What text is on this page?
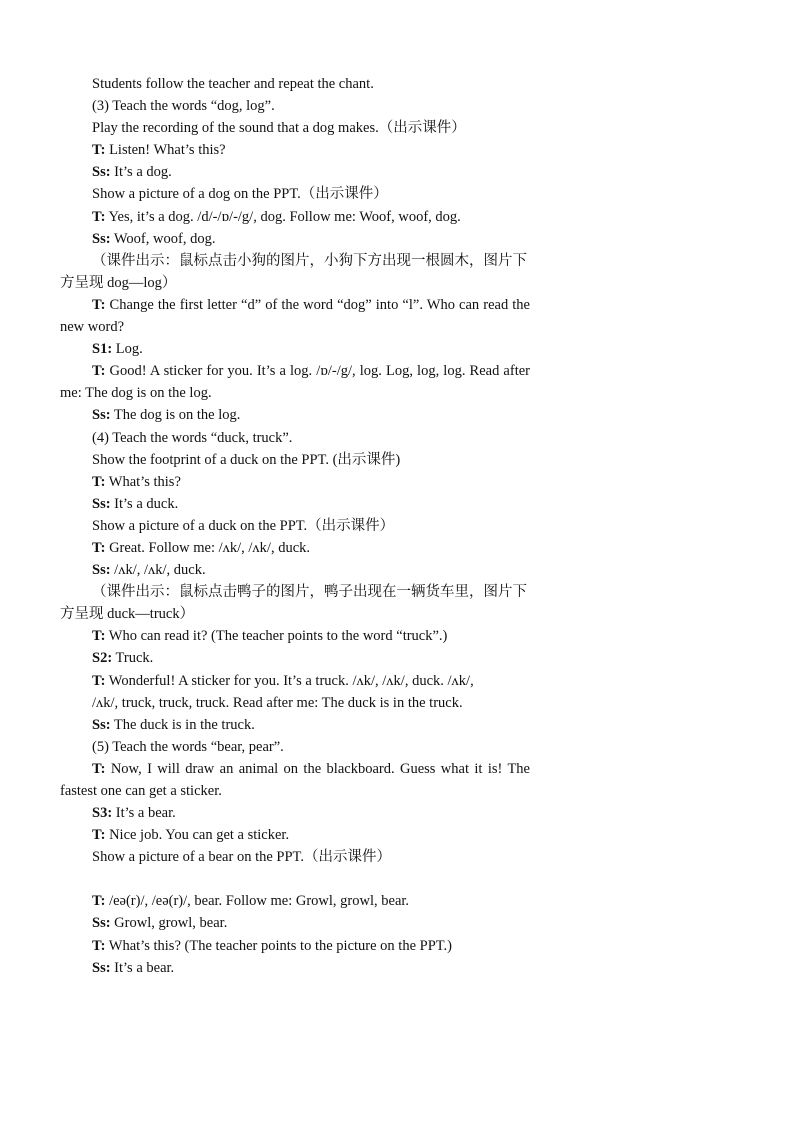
Students follow the teacher and repeat the chant.
(3) Teach the words “dog, log”.
Play the recording of the sound that a dog makes.（出示课件）
T: Listen! What’s this?
Ss: It’s a dog.
Show a picture of a dog on the PPT.（出示课件）
T: Yes, it’s a dog. /d/-/ɒ/-/g/, dog. Follow me: Woof, woof, dog.
Ss: Woof, woof, dog.
（课件出示：鼠标点击小狗的图片，小狗下方出现一根圆木，图片下方呈现 dog—log）
T: Change the first letter “d” of the word “dog” into “l”. Who can read the new word?
S1: Log.
T: Good! A sticker for you. It’s a log. /ɒ/-/g/, log. Log, log, log. Read after me: The dog is on the log.
Ss: The dog is on the log.
(4) Teach the words “duck, truck”.
Show the footprint of a duck on the PPT. (出示课件)
T: What’s this?
Ss: It’s a duck.
Show a picture of a duck on the PPT.（出示课件）
T: Great. Follow me: /ʌk/, /ʌk/, duck.
Ss: /ʌk/, /ʌk/, duck.
（课件出示：鼠标点击鸭子的图片，鸭子出现在一辆货车里，图片下方呈现 duck—truck）
T: Who can read it? (The teacher points to the word “truck”.)
S2: Truck.
T: Wonderful! A sticker for you. It’s a truck. /ʌk/, /ʌk/, duck. /ʌk/,
/ʌk/, truck, truck, truck. Read after me: The duck is in the truck.
Ss: The duck is in the truck.
(5) Teach the words “bear, pear”.
T: Now, I will draw an animal on the blackboard. Guess what it is! The fastest one can get a sticker.
S3: It’s a bear.
T: Nice job. You can get a sticker.
Show a picture of a bear on the PPT.（出示课件）
T: /eə(r)/, /eə(r)/, bear. Follow me: Growl, growl, bear.
Ss: Growl, growl, bear.
T: What’s this? (The teacher points to the picture on the PPT.)
Ss: It’s a bear.
